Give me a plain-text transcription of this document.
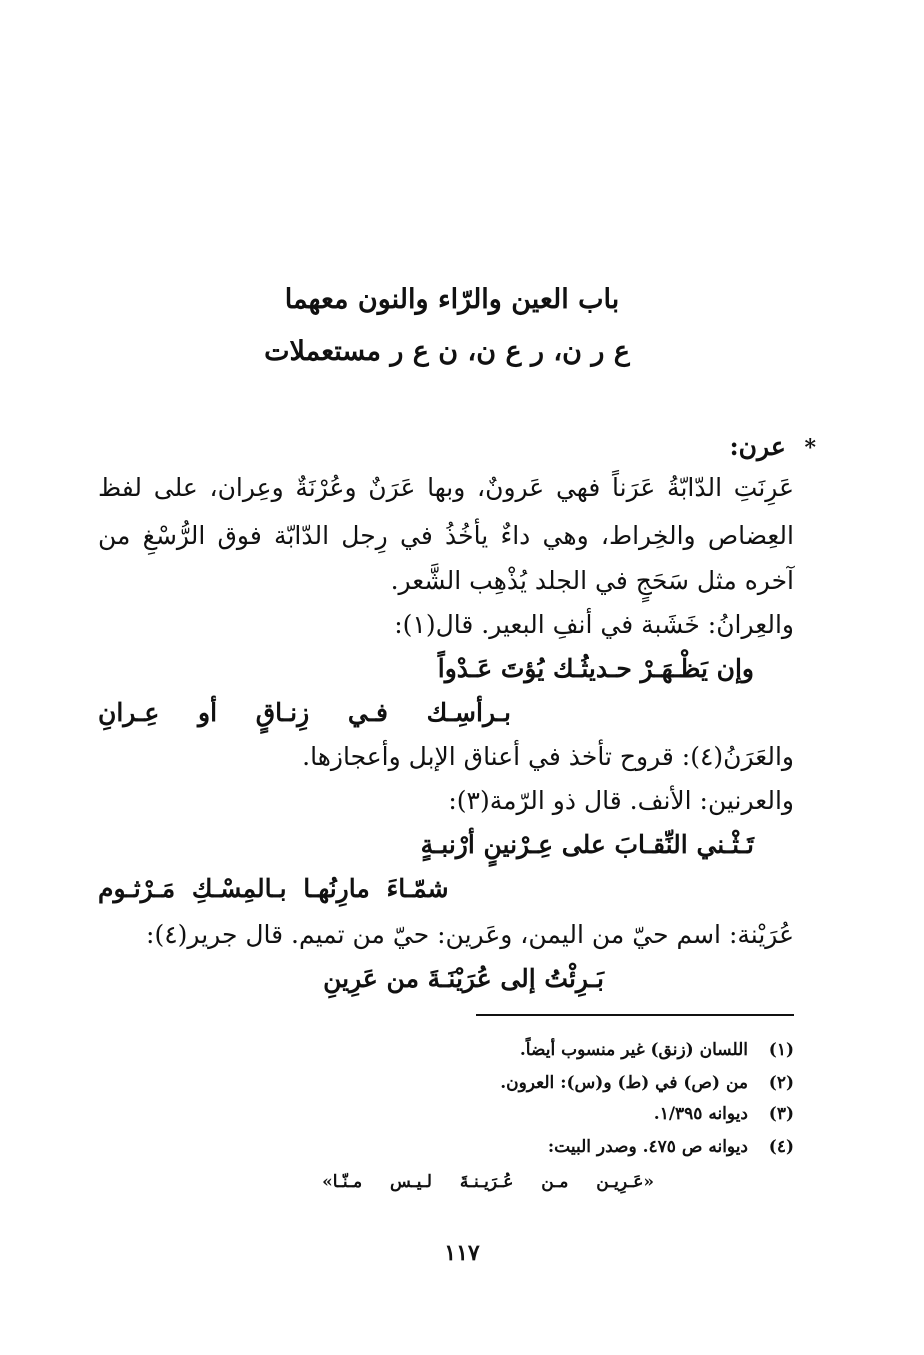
باب العين والرّاء والنون معهما
ع ر ن، ر ع ن، ن ع ر مستعملات
* عرن:
عَرِنَتِ الدّابّةُ عَرَناً فهي عَرونٌ، وبها عَرَنٌ وعُرْنَةٌ وعِران، على لفظ
العِضاص والخِراط، وهي داءٌ يأخُذُ في رِجل الدّابّة فوق الرُّسْغِ من
آخره مثل سَحَجٍ في الجلد يُذْهِب الشَّعر.
والعِرانُ: خَشَبة في أنفِ البعير. قال(١):
وإن يَظْـهَـرْ حـديثُـك يُؤتَ عَـدْواً
بـرأسِـك فـي زِنـاقٍ أو عِـرانِ
والعَرَنُ(٤): قروح تأخذ في أعناق الإبل وأعجازها.
والعرنين: الأنف. قال ذو الرّمة(٣):
تَـثْـني النِّقـابَ على عِـرْنينٍ أرْنبـةٍ
شمّـاءَ مارِنُهـا بـالمِسْـكِ مَـرْثـوم
عُرَيْنة: اسم حيّ من اليمن، وعَرين: حيّ من تميم. قال جرير(٤):
بَـرِئْتُ إلى عُرَيْنَـةَ من عَرِينِ
(١)اللسان (زنق) غير منسوب أيضاً.
(٢)من (ص) في (ط) و(س): العرون.
(٣)ديوانه ١/٣٩٥.
(٤)ديوانه ص ٤٧٥. وصدر البيت:
«عَـرِيـن مـن عُـرَيـنـةَ لـيـس مـنّـا»
١١٧
